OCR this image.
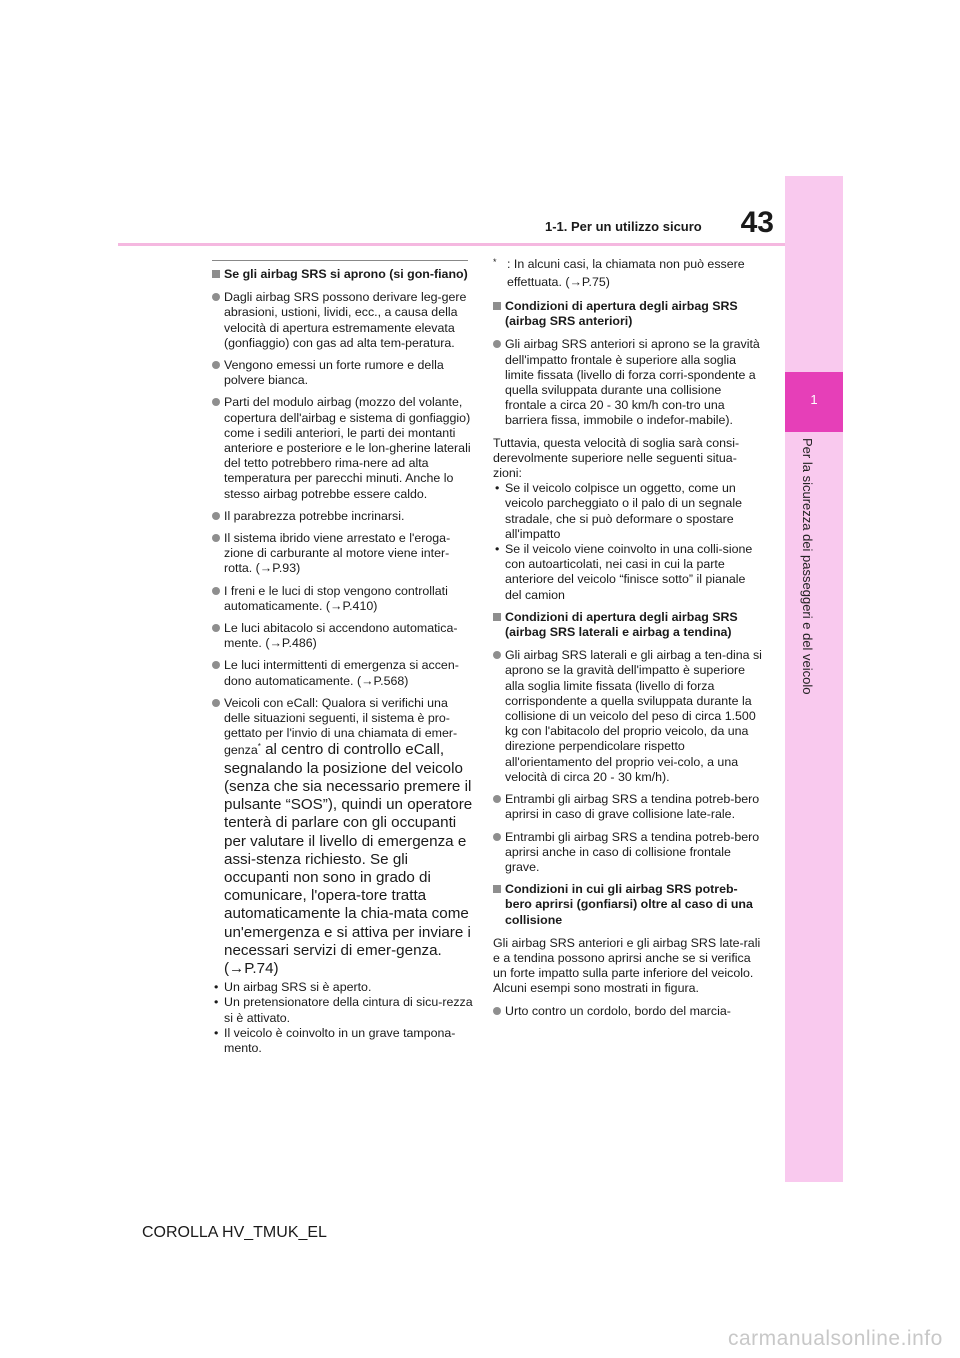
43
1-1. Per un utilizzo sicuro
1
Per la sicurezza dei passeggeri e del veicolo
Se gli airbag SRS si aprono (si gon-fiano)
Dagli airbag SRS possono derivare leg-gere abrasioni, ustioni, lividi, ecc., a causa della velocità di apertura estremamente elevata (gonfiaggio) con gas ad alta tem-peratura.
Vengono emessi un forte rumore e della polvere bianca.
Parti del modulo airbag (mozzo del volante, copertura dell'airbag e sistema di gonfiaggio) come i sedili anteriori, le parti dei montanti anteriore e posteriore e le lon-gherine laterali del tetto potrebbero rima-nere ad alta temperatura per parecchi minuti. Anche lo stesso airbag potrebbe essere caldo.
Il parabrezza potrebbe incrinarsi.
Il sistema ibrido viene arrestato e l'eroga-zione di carburante al motore viene inter-rotta. (→P.93)
I freni e le luci di stop vengono controllati automaticamente. (→P.410)
Le luci abitacolo si accendono automatica-mente. (→P.486)
Le luci intermittenti di emergenza si accen-dono automaticamente. (→P.568)
Veicoli con eCall: Qualora si verifichi una delle situazioni seguenti, il sistema è pro-gettato per l'invio di una chiamata di emer-genza* al centro di controllo eCall, segnalando la posizione del veicolo (senza che sia necessario premere il pulsante “SOS”), quindi un operatore tenterà di parlare con gli occupanti per valutare il livello di emergenza e assi-stenza richiesto. Se gli occupanti non sono in grado di comunicare, l'opera-tore tratta automaticamente la chia-mata come un'emergenza e si attiva per inviare i necessari servizi di emer-genza. (→P.74)
• Un airbag SRS si è aperto.
• Un pretensionatore della cintura di sicu-rezza si è attivato.
• Il veicolo è coinvolto in un grave tampona-mento.
* : In alcuni casi, la chiamata non può essere effettuata. (→P.75)
Condizioni di apertura degli airbag SRS (airbag SRS anteriori)
Gli airbag SRS anteriori si aprono se la gravità dell'impatto frontale è superiore alla soglia limite fissata (livello di forza corri-spondente a quella sviluppata durante una collisione frontale a circa 20 - 30 km/h con-tro una barriera fissa, immobile o indefor-mabile).
Tuttavia, questa velocità di soglia sarà consi-derevolmente superiore nelle seguenti situa-zioni:
• Se il veicolo colpisce un oggetto, come un veicolo parcheggiato o il palo di un segnale stradale, che si può deformare o spostare all'impatto
• Se il veicolo viene coinvolto in una colli-sione con autoarticolati, nei casi in cui la parte anteriore del veicolo “finisce sotto” il pianale del camion
Condizioni di apertura degli airbag SRS (airbag SRS laterali e airbag a tendina)
Gli airbag SRS laterali e gli airbag a ten-dina si aprono se la gravità dell'impatto è superiore alla soglia limite fissata (livello di forza corrispondente a quella sviluppata durante la collisione di un veicolo del peso di circa 1.500 kg con l'abitacolo del proprio veicolo, da una direzione perpendicolare rispetto all'orientamento del proprio vei-colo, a una velocità di circa 20 - 30 km/h).
Entrambi gli airbag SRS a tendina potreb-bero aprirsi in caso di grave collisione late-rale.
Entrambi gli airbag SRS a tendina potreb-bero aprirsi anche in caso di collisione frontale grave.
Condizioni in cui gli airbag SRS potreb-bero aprirsi (gonfiarsi) oltre al caso di una collisione
Gli airbag SRS anteriori e gli airbag SRS late-rali e a tendina possono aprirsi anche se si verifica un forte impatto sulla parte inferiore del veicolo. Alcuni esempi sono mostrati in figura.
Urto contro un cordolo, bordo del marcia-
COROLLA HV_TMUK_EL
carmanualsonline.info
